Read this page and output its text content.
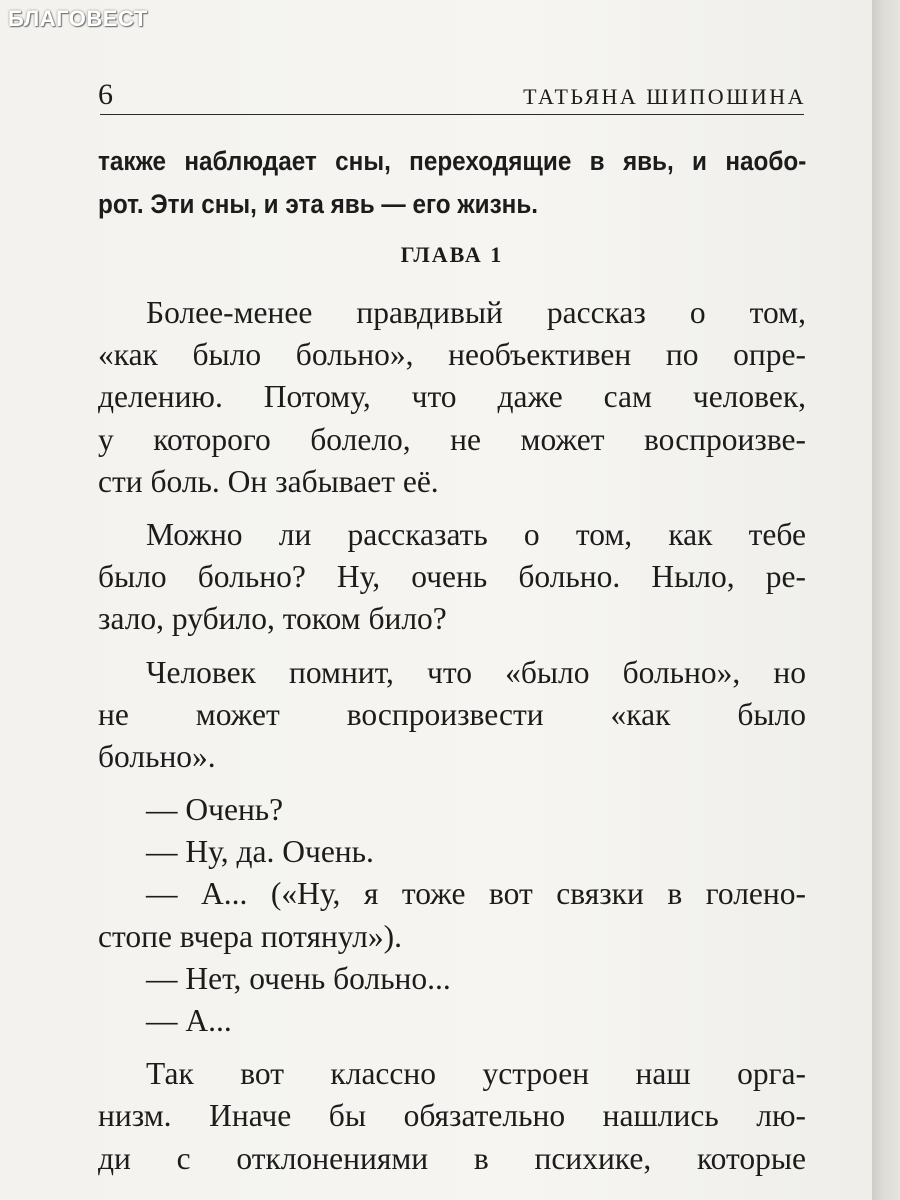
БЛАГОВЕСТ
6	ТАТЬЯНА ШИПОШИНА
также наблюдает сны, переходящие в явь, и наобо-
рот. Эти сны, и эта явь — его жизнь.
ГЛАВА 1
Более-менее правдивый рассказ о том,
«как было больно», необъективен по опре-
делению. Потому, что даже сам человек,
у которого болело, не может воспроизве-
сти боль. Он забывает её.
Можно ли рассказать о том, как тебе
было больно? Ну, очень больно. Ныло, ре-
зало, рубило, током било?
Человек помнит, что «было больно», но
не может воспроизвести «как было
больно».
— Очень?
— Ну, да. Очень.
— А... («Ну, я тоже вот связки в голено-
стопе вчера потянул»).
— Нет, очень больно...
— А...
Так вот классно устроен наш орга-
низм. Иначе бы обязательно нашлись лю-
ди с отклонениями в психике, которые
